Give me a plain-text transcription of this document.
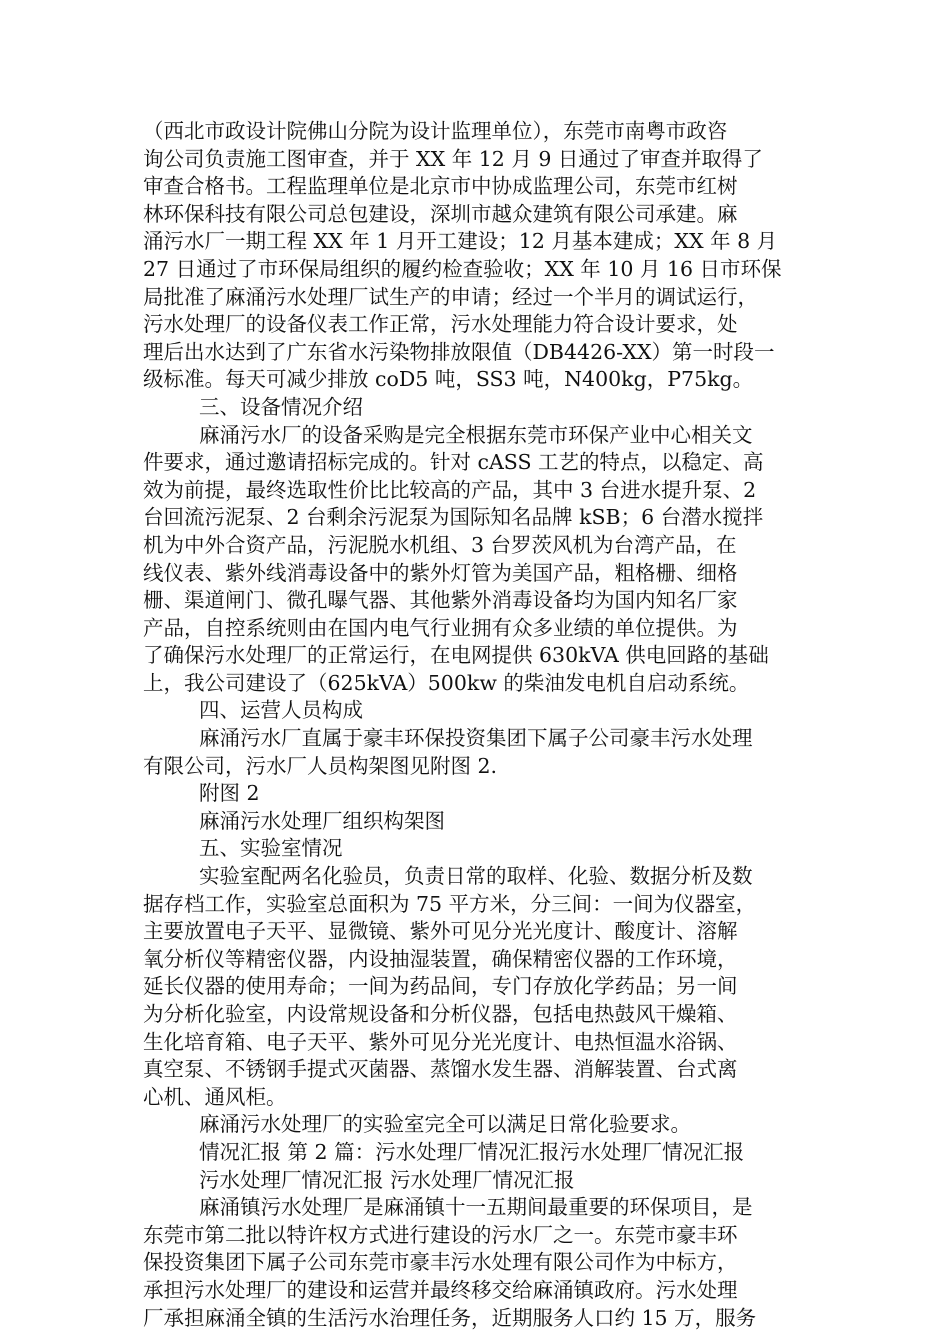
（西北市政设计院佛山分院为设计监理单位），东莞市南粤市政咨
询公司负责施工图审查，并于 XX 年 12 月 9 日通过了审查并取得了
审查合格书。工程监理单位是北京市中协成监理公司，东莞市红树
林环保科技有限公司总包建设，深圳市越众建筑有限公司承建。麻
涌污水厂一期工程 XX 年 1 月开工建设；12 月基本建成；XX 年 8 月
27 日通过了市环保局组织的履约检查验收；XX 年 10 月 16 日市环保
局批准了麻涌污水处理厂试生产的申请；经过一个半月的调试运行，
污水处理厂的设备仪表工作正常，污水处理能力符合设计要求，处
理后出水达到了广东省水污染物排放限值（DB4426-XX）第一时段一
级标准。每天可减少排放 coD5 吨，SS3 吨，N400kg，P75kg。
三、设备情况介绍
麻涌污水厂的设备采购是完全根据东莞市环保产业中心相关文
件要求，通过邀请招标完成的。针对 cASS 工艺的特点，以稳定、高
效为前提，最终选取性价比比较高的产品，其中 3 台进水提升泵、2
台回流污泥泵、2 台剩余污泥泵为国际知名品牌 kSB；6 台潜水搅拌
机为中外合资产品，污泥脱水机组、3 台罗茨风机为台湾产品，在
线仪表、紫外线消毒设备中的紫外灯管为美国产品，粗格栅、细格
栅、渠道闸门、微孔曝气器、其他紫外消毒设备均为国内知名厂家
产品，自控系统则由在国内电气行业拥有众多业绩的单位提供。为
了确保污水处理厂的正常运行，在电网提供 630kVA 供电回路的基础
上，我公司建设了（625kVA）500kw 的柴油发电机自启动系统。
四、运营人员构成
麻涌污水厂直属于豪丰环保投资集团下属子公司豪丰污水处理
有限公司，污水厂人员构架图见附图 2.
附图 2
麻涌污水处理厂组织构架图
五、实验室情况
实验室配两名化验员，负责日常的取样、化验、数据分析及数
据存档工作，实验室总面积为 75 平方米，分三间：一间为仪器室，
主要放置电子天平、显微镜、紫外可见分光光度计、酸度计、溶解
氧分析仪等精密仪器，内设抽湿装置，确保精密仪器的工作环境，
延长仪器的使用寿命；一间为药品间，专门存放化学药品；另一间
为分析化验室，内设常规设备和分析仪器，包括电热鼓风干燥箱、
生化培育箱、电子天平、紫外可见分光光度计、电热恒温水浴锅、
真空泵、不锈钢手提式灭菌器、蒸馏水发生器、消解装置、台式离
心机、通风柜。
麻涌污水处理厂的实验室完全可以满足日常化验要求。
情况汇报 第 2 篇：污水处理厂情况汇报污水处理厂情况汇报
污水处理厂情况汇报 污水处理厂情况汇报
麻涌镇污水处理厂是麻涌镇十一五期间最重要的环保项目，是
东莞市第二批以特许权方式进行建设的污水厂之一。东莞市豪丰环
保投资集团下属子公司东莞市豪丰污水处理有限公司作为中标方，
承担污水处理厂的建设和运营并最终移交给麻涌镇政府。污水处理
厂承担麻涌全镇的生活污水治理任务，近期服务人口约 15 万，服务
